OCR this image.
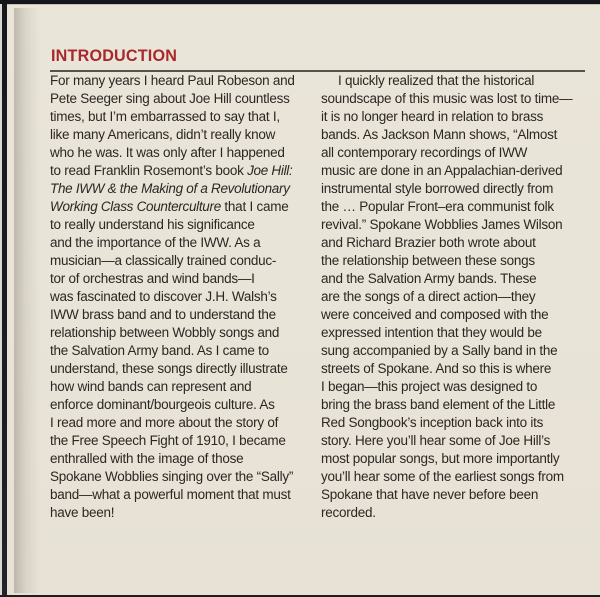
INTRODUCTION
For many years I heard Paul Robeson and
Pete Seeger sing about Joe Hill countless
times, but I’m embarrassed to say that I,
like many Americans, didn’t really know
who he was. It was only after I happened
to read Franklin Rosemont’s book Joe Hill:
The IWW & the Making of a Revolutionary
Working Class Counterculture that I came
to really understand his significance
and the importance of the IWW. As a
musician—a classically trained conduc-
tor of orchestras and wind bands—I
was fascinated to discover J.H. Walsh’s
IWW brass band and to understand the
relationship between Wobbly songs and
the Salvation Army band. As I came to
understand, these songs directly illustrate
how wind bands can represent and
enforce dominant/bourgeois culture. As
I read more and more about the story of
the Free Speech Fight of 1910, I became
enthralled with the image of those
Spokane Wobblies singing over the “Sally”
band—what a powerful moment that must
have been!
I quickly realized that the historical
soundscape of this music was lost to time—
it is no longer heard in relation to brass
bands. As Jackson Mann shows, “Almost
all contemporary recordings of IWW
music are done in an Appalachian-derived
instrumental style borrowed directly from
the … Popular Front–era communist folk
revival.” Spokane Wobblies James Wilson
and Richard Brazier both wrote about
the relationship between these songs
and the Salvation Army bands. These
are the songs of a direct action—they
were conceived and composed with the
expressed intention that they would be
sung accompanied by a Sally band in the
streets of Spokane. And so this is where
I began—this project was designed to
bring the brass band element of the Little
Red Songbook’s inception back into its
story. Here you’ll hear some of Joe Hill’s
most popular songs, but more importantly
you’ll hear some of the earliest songs from
Spokane that have never before been
recorded.
